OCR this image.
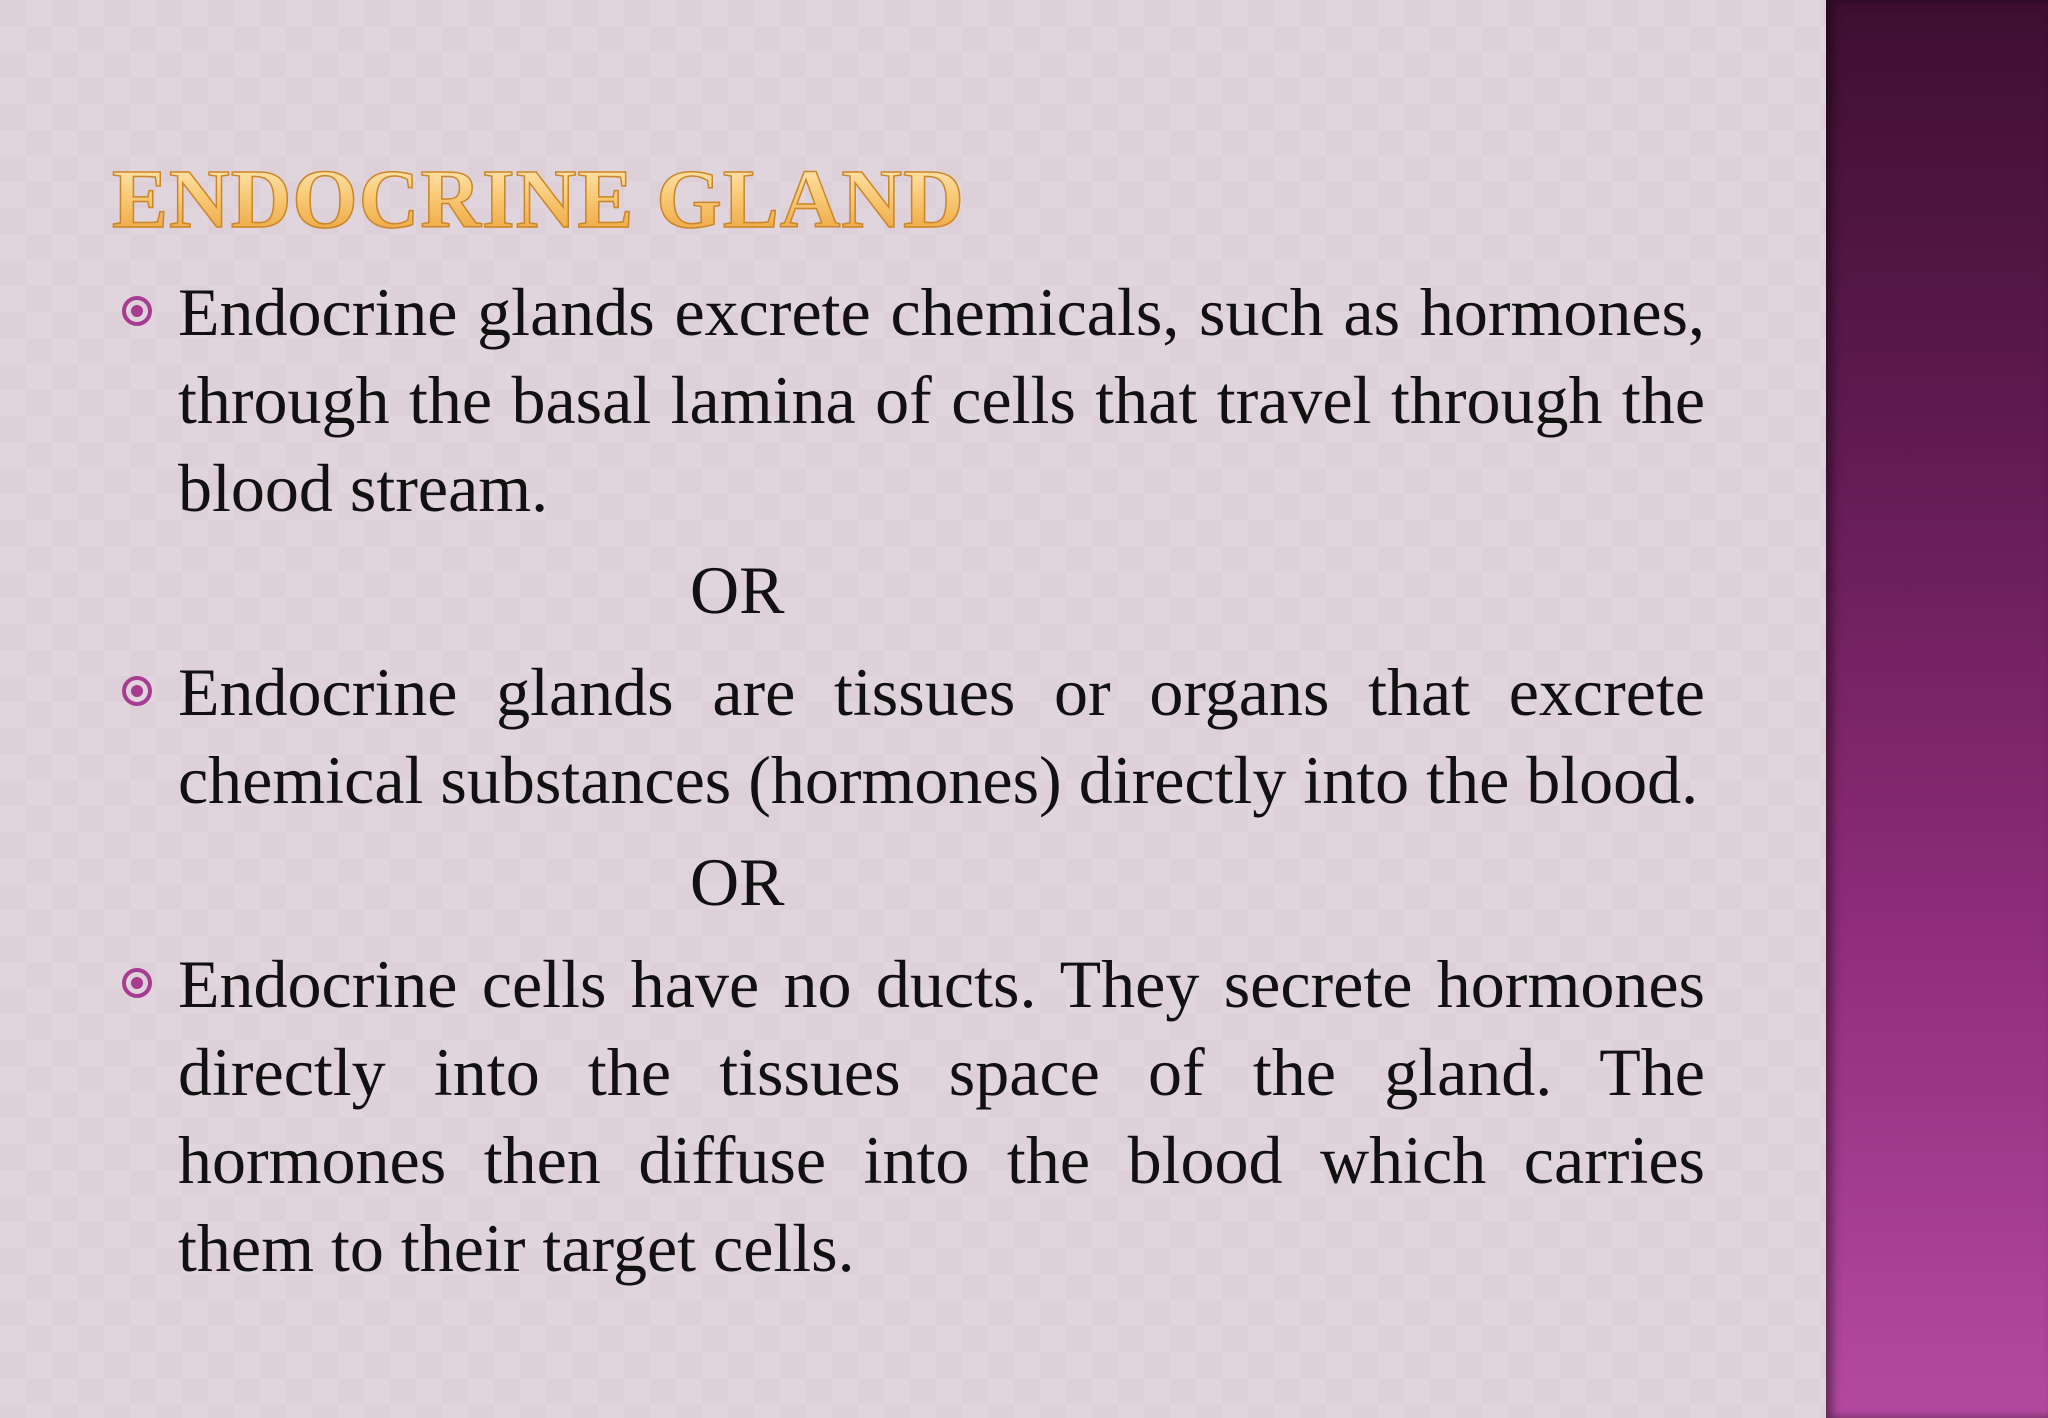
ENDOCRINE GLAND
Endocrine glands excrete chemicals, such as hormones, through the basal lamina of cells that travel through the blood stream.
OR
Endocrine glands are tissues or organs that excrete chemical substances (hormones) directly into the blood.
OR
Endocrine cells have no ducts. They secrete hormones directly into the tissues space of the gland. The hormones then diffuse into the blood which carries them to their target cells.
